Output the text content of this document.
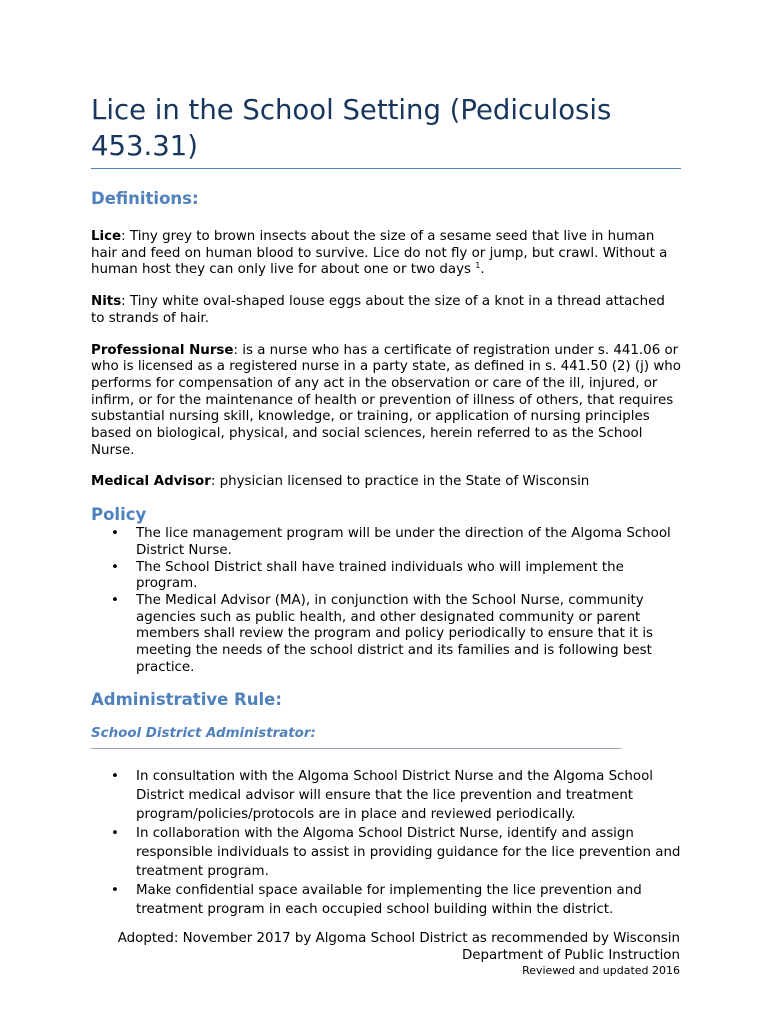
Lice in the School Setting (Pediculosis 453.31)
Definitions:

Lice: Tiny grey to brown insects about the size of a sesame seed that live in human hair and feed on human blood to survive. Lice do not fly or jump, but crawl. Without a human host they can only live for about one or two days $^1$.

Nits: Tiny white oval-shaped louse eggs about the size of a knot in a thread attached to strands of hair.

Professional Nurse: is a nurse who has a certificate of registration under s. 441.06 or who is licensed as a registered nurse in a party state, as defined in s. 441.50 (2) (j) who performs for compensation of any act in the observation or care of the ill, injured, or infirm, or for the maintenance of health or prevention of illness of others, that requires substantial nursing skill, knowledge, or training, or application of nursing principles based on biological, physical, and social sciences, herein referred to as the School Nurse.

Medical Advisor: physician licensed to practice in the State of Wisconsin

Policy
• The lice management program will be under the direction of the Algoma School District Nurse.
• The School District shall have trained individuals who will implement the program.
• The Medical Advisor (MA), in conjunction with the School Nurse, community agencies such as public health, and other designated community or parent members shall review the program and policy periodically to ensure that it is meeting the needs of the school district and its families and is following best practice.
Administrative Rule:
School District Administrator:
• In consultation with the Algoma School District Nurse and the Algoma School District medical advisor will ensure that the lice prevention and treatment program/policies/protocols are in place and reviewed periodically.
• In collaboration with the Algoma School District Nurse, identify and assign responsible individuals to assist in providing guidance for the lice prevention and treatment program.
• Make confidential space available for implementing the lice prevention and treatment program in each occupied school building within the district.
Adopted: November 2017 by Algoma School District as recommended by Wisconsin
Department of Public Instruction
Reviewed and updated 2016
